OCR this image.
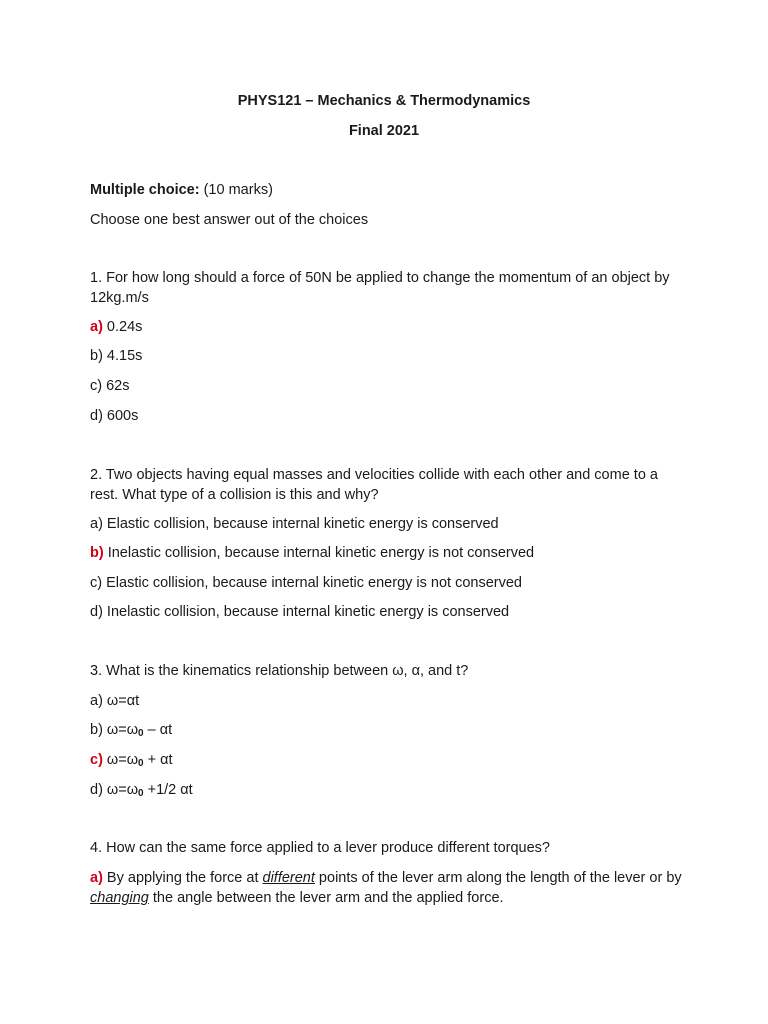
PHYS121 – Mechanics & Thermodynamics
Final 2021
Multiple choice: (10 marks)
Choose one best answer out of the choices
1. For how long should a force of 50N be applied to change the momentum of an object by 12kg.m/s
a) 0.24s
b) 4.15s
c) 62s
d) 600s
2. Two objects having equal masses and velocities collide with each other and come to a rest. What type of a collision is this and why?
a) Elastic collision, because internal kinetic energy is conserved
b) Inelastic collision, because internal kinetic energy is not conserved
c) Elastic collision, because internal kinetic energy is not conserved
d) Inelastic collision, because internal kinetic energy is conserved
3. What is the kinematics relationship between ω, α, and t?
a) ω=αt
b) $\omega=\omega_0 - \alpha t$
c) $\omega=\omega_0 + \alpha t$
d) $\omega=\omega_0 +1/2$ αt
4. How can the same force applied to a lever produce different torques?
a) By applying the force at different points of the lever arm along the length of the lever or by changing the angle between the lever arm and the applied force.
